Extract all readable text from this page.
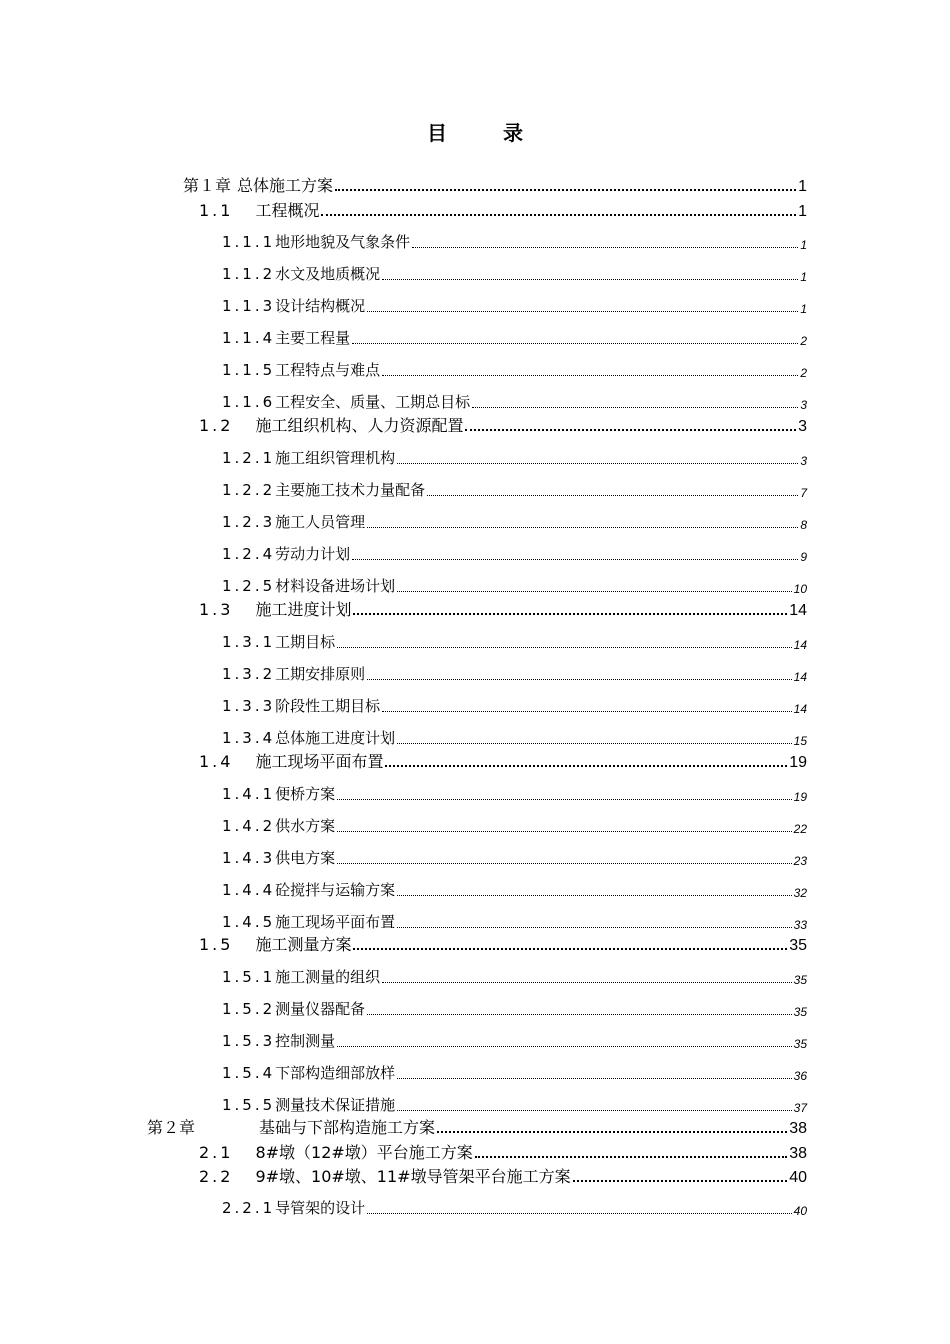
目　录
第１章 总体施工方案	1
1.1 工程概况	1
1.1.1地形地貌及气象条件	1
1.1.2水文及地质概况	1
1.1.3设计结构概况	1
1.1.4主要工程量	2
1.1.5工程特点与难点	2
1.1.6工程安全、质量、工期总目标	3
1.2 施工组织机构、人力资源配置	3
1.2.1施工组织管理机构	3
1.2.2主要施工技术力量配备	7
1.2.3施工人员管理	8
1.2.4劳动力计划	9
1.2.5材料设备进场计划	10
1.3 施工进度计划	14
1.3.1工期目标	14
1.3.2工期安排原则	14
1.3.3阶段性工期目标	14
1.3.4总体施工进度计划	15
1.4 施工现场平面布置	19
1.4.1便桥方案	19
1.4.2供水方案	22
1.4.3供电方案	23
1.4.4砼搅拌与运输方案	32
1.4.5施工现场平面布置	33
1.5 施工测量方案	35
1.5.1施工测量的组织	35
1.5.2测量仪器配备	35
1.5.3控制测量	35
1.5.4下部构造细部放样	36
1.5.5测量技术保证措施	37
第２章	基础与下部构造施工方案	38
2.1 8#墩（12#墩）平台施工方案	38
2.2 9#墩、10#墩、11#墩导管架平台施工方案	40
2.2.1导管架的设计	40
